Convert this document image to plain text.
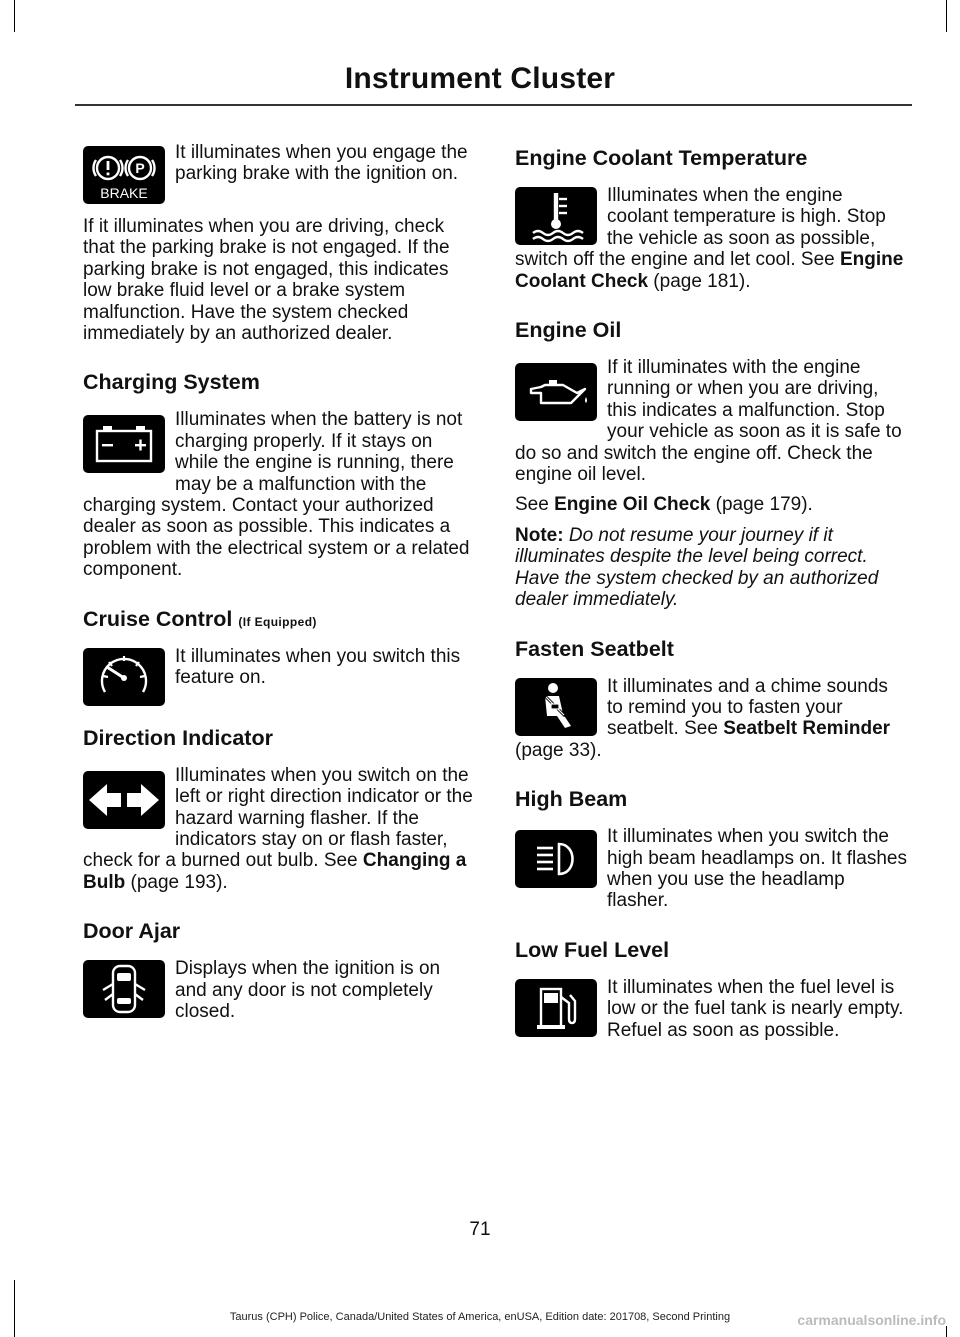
Instrument Cluster
P
BRAKE

It illuminates when you engage the parking brake with the ignition on.

If it illuminates when you are driving, check that the parking brake is not engaged. If the parking brake is not engaged, this indicates low brake fluid level or a brake system malfunction. Have the system checked immediately by an authorized dealer.

Charging System

Illuminates when the battery is not charging properly. If it stays on while the engine is running, there may be a malfunction with the charging system. Contact your authorized dealer as soon as possible. This indicates a problem with the electrical system or a related component.

Cruise Control (If Equipped)

It illuminates when you switch this feature on.

Direction Indicator

Illuminates when you switch on the left or right direction indicator or the hazard warning flasher. If the indicators stay on or flash faster, check for a burned out bulb. See Changing a Bulb (page 193).

Door Ajar

Displays when the ignition is on and any door is not completely closed.

Engine Coolant Temperature

Illuminates when the engine coolant temperature is high. Stop the vehicle as soon as possible, switch off the engine and let cool. See Engine Coolant Check (page 181).

Engine Oil

If it illuminates with the engine running or when you are driving, this indicates a malfunction. Stop your vehicle as soon as it is safe to do so and switch the engine off. Check the engine oil level.

See Engine Oil Check (page 179).

Note: Do not resume your journey if it illuminates despite the level being correct. Have the system checked by an authorized dealer immediately.

Fasten Seatbelt

It illuminates and a chime sounds to remind you to fasten your seatbelt. See Seatbelt Reminder (page 33).

High Beam

It illuminates when you switch the high beam headlamps on. It flashes when you use the headlamp flasher.

Low Fuel Level

It illuminates when the fuel level is low or the fuel tank is nearly empty. Refuel as soon as possible.

71
Taurus (CPH) Police, Canada/United States of America, enUSA, Edition date: 201708, Second Printing	carmanualsonline.info
